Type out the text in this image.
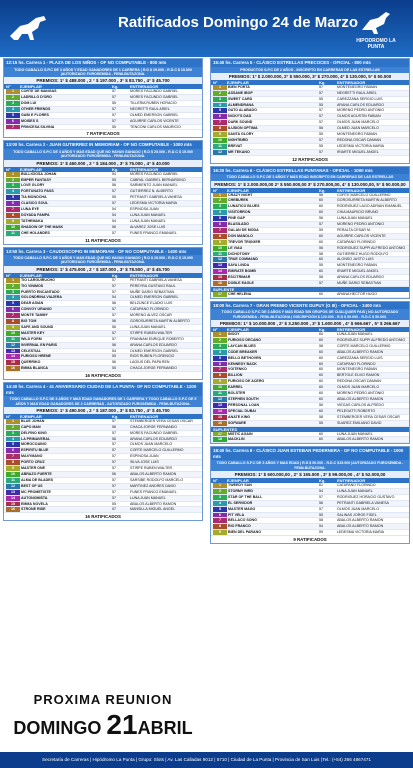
Ratificados Domingo 24 de Marzo
HIPODROMO LA PUNTA
12:15 hs. Carrera 1 - PLAZA DE LOS NIÑOS - OF NO COMPUTABLE - 800 mts
TODO CABALLO S.P.C DE 3 AÑOS Y EDAD GANADORES DE 1 CARRERA | R.D $ 25.000 - R.D.C $ 15.000 |AUTORIZADO FUROSEMIDA - FENILBUTAZONA.
PREMIOS: 1° $ 488.000 , 2 ° $ 197.000 , 3° $ 83.750 , 4° $ 45.700
N°	EJEMPLAR	Kg.	ENTRENADOR
1	CORTE DE MANGAS	57	MORES FACUNDO GABRIEL
2	LADRILLO D'ORO	57	MORES FACUNDO GABRIEL
3	DOM LUI	55	TILLERIA RUBEN HORACIO
4	OTHER FRIENDS	57	NEGRETTI RAUL ARIEL
5	GABI E FLORES	57	OLMED EMERSON GABRIEL
6	MOISES S	57	AGUIRRE CARLOS VICENTE
7	PRINCESA SILVINA	55	TENCONI CARLOS MAURICIO
7 RATIFICADOS
13:00 hs. Carrera 2 - JUAN GUTIERREZ IN MEMORIAM - OF NO COMPUTABLE - 1000 mts
TODO CABALLO S.P.C DE 3 AÑOS Y MAS EDAD QUE NO HAYAN GANADO | R.D $ 25.000 - R.D.C $ 15.000 |AUTORIZADO FUROSEMIDA - FENILBUTAZONA.
PREMIOS: 1° $ 460.000 , 2 ° $ 184.000 , 3° $ 75.000 , 4° $ 40.000
N°	EJEMPLAR	Kg.	ENTRENADOR
1	BULLICIOSA JOHAN	54	MORES FACUNDO GABRIEL
2	EMPER FANTASY	55	CABRAL GABRIEL BERNARDINO
3	LOVE GLORY	56	SARMIENTO JUAN MANUEL
4	FORTUNATO PASS	57	GUTIERREZ N. ALBERTO
5	TIA MONOCHA	55	PETRANTI GABRIELA VANESA
6	CLASICO SOUL	57	LEDESMA VICTORIA MARIA
7	LUNA EYE	54	ESPINOSA JUAN
8	DOYADA PAMPA	54	LUNA JUAN MANUEL
9	TATHEMAKA	54	LUNA JUAN MANUEL
10	SHADOW OF THE MASK	56	ALVAREZ JOSE LUIS
11	CHE HOLANDES	57	FUNES FRANCO EMANUEL
11 RATIFICADOS
13:50 hs. Carrera 3 - CAUDOSCOPIO IN MEMORIAM - OF NO COMPUTABLE - 1400 mts
TODO CABALLO S.P.C DE 3 AÑOS Y MAS EDAD QUE NO HAYAN GANADO | R.D $ 25.000 - R.D.C $ 15.000 |AUTORIZADO FUROSEMIDA - FENILBUTAZONA.
PREMIOS: 1° $ 475.000 , 2 ° $ 187.000 , 3° $ 78.500 , 4° $ 45.700
N°	EJEMPLAR	Kg.	ENTRENADOR
1	TIO LARGUIRUCHO	57	PETRANTI GABRIELA VANESA
2	TIO VINIMOS	57	PEREYRA GUSTAVO RAUL
3	PUERTO ENCANTADO	57	MUÑE DARIO SEBASTIAN
4	GOLONDRINA VIAJERA	54	OLMED EMERSON GABRIEL
5	DEAR ASIAN	56	BELZUNCE ELADIO LUIS
6	CONVOY URANIO	57	CATAPANO FLORINDO
7	MONTE TAMMY	57	MORENO ALVEZ OSCAR
8	BIG TOM	56	GOROSURRETA MARTIN ALBERTO
9	SAFE AND SOUND	56	LUNA JUAN MANUEL
10	MASTER KEY	57	STIRPE RUBEN WALTER
11	WILD FORM	57	FRANNAM ENRIQUE ROBERTO
12	INVERNAL EN PARIS	56	ARANA CARLOS EDUARDO
13	CELESTIAL	54	OLMED EMERSON GABRIEL
14	FURIOSO HRENE	55	RIOS RUBEN FLORENCIO
15	QUERRIKO	56	LAGIUS DEL PAPA REN
16	EMMA BLANCA	55	CHACA JORGE FERNANDO
16 RATIFICADOS
14:40 hs. Carrera 4 - 41 ANIVERSARIO CIUDAD DE LA PUNTA- OF NO COMPUTABLE - 1200 mts
TODO CABALLO S.P.C DE 3 AÑOS Y MAS EDAD GANADORES DE 1 CARRERA Y TODO CABALLO S.P.C DE 5 AÑOS Y MAS EDAD GANADORES DE 2 CARRERAS - AUTORIZADO FUROSEMIDA - FENILBUTAZONA.
PREMIOS: 1° $ 490.000 , 2 ° $ 187.000 , 3° $ 83.750 , 4° $ 45.700
N°	EJEMPLAR	Kg.	ENTRENADOR
1	BLUE JOHAN	57	STEMBERGER VERA CESAR OSCAR
2	CAPO MAN	56	CHACA JORGE FERNANDO
3	DELFINO KING	57	MORES FACUNDO GABRIEL
4	LA PRIMAVERAL	56	ARANA CARLOS EDUARDO
5	MOROCOAINO	57	OLMOS JUAN MARCELO
6	ESPIRITU BLUE	57	CORTE MARCELO GUILLERMO
7	MAXYMANO	57	ESPINOSA JUAN
8	PORTO CRUZ	57	SILVA JOSE LUIS
9	MASTER ONE	57	STIRPE RUBEN WALTER
10	ABRAZO FUERTE	56	ABALOS ALBERTO RAMON
11	ALMA DE BLADES	57	SARSIBE RODOLFO MARCELO
12	BEST OF US	57	MARTINEZ ANDRES DAVID
13	MC PROMETISTE	57	FUNES FRANCO EMANUEL
14	AUTONOMISTA	57	LUNA JUAN MANUEL
15	EMMA NOVELA	55	ABALOS ALBERTO RAMON
16	STRONE RIDE	57	MANSILLA MIGUEL ANGEL
16 RATIFICADOS
15:40 hs. Carrera 5 - CLÁSICO ESTRELLAS PRECOCES - OFICIAL - 800 mts
PRODUCTOS S.P.C DE 2 AÑOS - INSCRIPTO EN CARRERAS DE LAS ESTRELLAS
PREMIOS: 1° $ 2.000.000, 2° $ 550.000, 3° $ 270.000, 4° $ 130.000, 5° $ 50.000
N°	EJEMPLAR	Kg.	ENTRENADOR
1	BIEN PORTA	57	MONTENEGRO FABIAN
2	ASSANE IBOP	57	NEGRETTI RAUL ARIEL
3	SWEET CARD	55	CAREZZANA SERGIO LUIS
4	ALMENDRANA	55	ARANA CARLOS EDUARDO
5	GATO ALABADO	57	MORENO PEDRO ANTONIO
6	NICKY'S DAD	57	OLMOS AGUSTIN FABIAN
7	DARK SOUND	57	OLMOS JUAN MARCELO
8	ILUSION OPTIMA	56	OLMED JUAN MARCELO
9	SANTA GLORY	55	MONTENEGRO FABIAN
10	NIGHTBIRD	57	REDONA OSCAR DAMIAN
11	BREVAT	55	LEDESMA VICTORIA MARIA
12	MR TEKANO	57	IRIARTE MIGUEL ANGEL
12 RATIFICADOS
16:20 hs. Carrera 6 - CLÁSICO ESTRELLAS PUNTANAS - OFICIAL - 1000 mts
TODO CABALLO S.P.C DE 3 AÑOS Y MÁS EDAD INSCRIPTO EN CARRERAS DE LAS ESTRELLAS
PREMIOS: 1° $ 2.000.000,00 2° $ 550.000,00 3° $ 270.000,00, 4° $ 130.000,00, 5° $ 50.000,00
N°	EJEMPLAR	Kg.	ENTRENADOR
1	CRAZY NIGHT	58	CORTE MARCELO GUILLERMO
2	CHEBUREK	60	GOROSURRETA MARTIN ALBERTO
3	LUNATICO BLUES	60	RODRIGUEZ LAGO ADRIAN EMANUEL
4	VISITORRON	60	CHIA MAURICIO BRUNO
5	FINE GAP	56	LUNA JUAN MANUEL
6	BLASILADO	57	MORENO PEDRO ANTONIO
7	GALAN DE MODA	59	PERALTA CESAR M.
8	DON MANOLO	60	AGUIRRE CARLOS VICENTE
9	TREVOR TRIGGER	60	CATAPANO FLORINDO
10	LE VIAU	56	RODRIGUEZ SUPPI ALFREDO ANTONIO
11	DICHOTOMY	58	GUTIERREZ HUGO RODOLFO
12	TRUE COMMAND	60	ALONSO JUSTO LUIS
13	SAYA LINDA	55	MONTENEGRO FABIAN
14	EMIRATE BOMB	60	IRIARTE MIGUEL ANGEL
15	ESCITRIMAR	58	ARANA CARLOS EDUARDO
16	DOBLE EAGLE	57	MUÑE DARIO SEBASTIAN
SUPLENTE
17	CHE HELENA	60	ARANA HECTOR HUGO
18:00 hs. Carrera 7 - GRAN PREMIO VICENTE DUPUY (G III) - OFICIAL - 2400 mts
TODO CABALLO S.P.C DE 3 AÑOS Y MÁS EDAD SIN GRUPOS DE CUALQUIER PAIS | NO AUTORIZADO FUROSEMIDA - FENILBUTAZONA | INSCRIPCIÓN $ 120.000 - R.D $ 50.000 - R.D.C $ 50.000.
PREMIOS: 1° $ 10.000.000 , 2° $ 3.250.000 , 3° $ 1.600.000 , 4° $ 666.667 , 5° $ 266.667
N°	EJEMPLAR	Kg.	ENTRENADOR
1	INOOY	60	LUNA JUAN MANUEL
2	FURIOSO DECANO	60	RODRIGUEZ SUPPI ALFREDO ANTONIO
3	LAYCAN BLUES	58	CORTE MARCELO GUILLERMO
4	CODE BREAKER	60	ABALOS ALBERTO RAMON
5	BELLO BETHOVEN	60	CAREZZANA SERGIO LUIS
6	KENNEDY BACK	60	CATAPANO FLORINDO
7	VOITENKO	60	MONTENEGRO FABIAN
8	BILLION	60	BERTOLE ELVIO RAMON
9	FURIOSO DE ACERO	60	REDONA OSCAR DAMIAN
10	EARREL	60	OLMOS JUAN MARCELO
11	BOLSTER	60	MORENO PEDRO ANTONIO
12	STEPHEN SOUTH	60	ABALOS ALBERTO RAMON
13	PERSONAL LOAN	56	VIEGAS CARLOS ALFREDO
14	SPECIAL DUBAI	60	PELEGATTI ROBERTO
15	ANATE KING	58	STEMBERGER VERA CESAR OSCAR
16	SOFWARE	55	SUAREZ EMILIANO DAVID
SUPLENTES
17	MISTIC AGAIN	60	LUNA JUAN MANUEL
18	MACKLIN	60	ABALOS ALBERTO RAMON
18:40 hs. Carrera 8 - CLÁSICO JUAN ESTEBAN PEDERNERA - OF NO COMPUTABLE - 1000 mts
TODO CABALLO S.P.C DE 3 AÑOS Y MAS EDAD | R.D $ 50.000 - R.D.C $15.000 |AUTORIZADO FUROSEMIDA - FENILBUTAZONA.
PREMIOS: 1° $ 600.000,00 , 2° $ 155.000 , 3° $ 99.000,00 , 4° $ 52.000,00
N°	EJEMPLAR	Kg.	ENTRENADOR
1	TWEEDY SUN	61	CATAPANO FLORINDO
2	STORMY BIRD	54	LUNA JUAN MANUEL
3	STAR OF THE BALL	57	RODRIGUEZ HORACIO GUSTAVO
4	EL SERVIDOR	56	PETRANTI GABRIELA VANESA
5	MASTER MAGO	57	OLMOS JUAN MARCELO
6	PIT VELA	55	SALINAS JORGE FIDEL
7	BELLACO SONG	58	ABALOS ALBERTO RAMON
8	RIO FRANCO	54	ABALOS ALBERTO RAMON
9	BIEN DEL PARANO	59	LEDESMA VICTORIA MARIA
9 RATIFICADOS
PROXIMA REUNION
DOMINGO 21ABRIL
Secretaría de Carreras | Hipódromo La Punta | Grupo: Slots | Av. Las Calladas 9012 | 5710 | Ciudad de La Punta | Provincia de San Luis (Tel.: (+54) 266 4867471
